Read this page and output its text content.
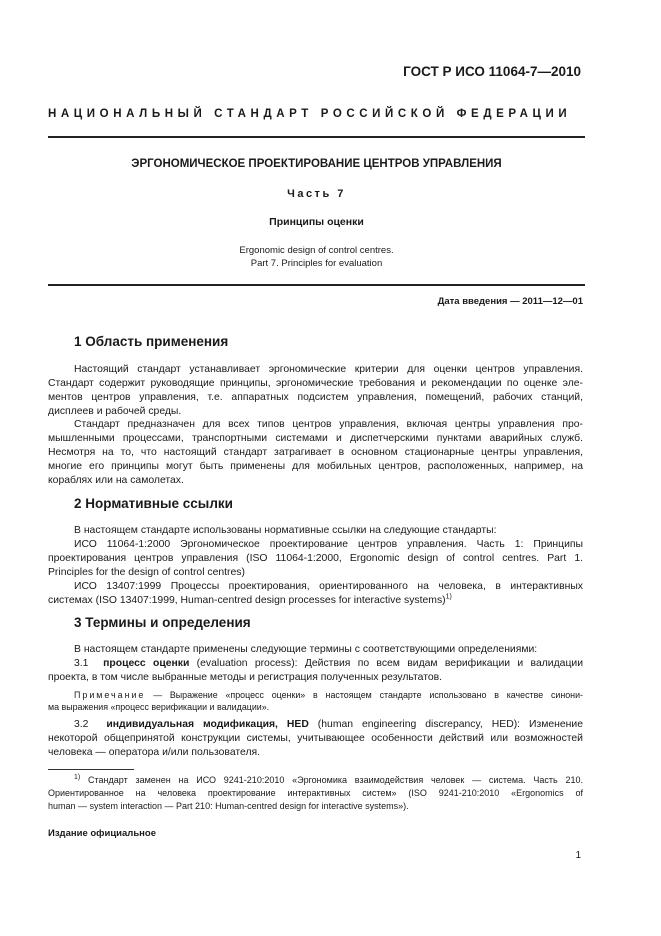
ГОСТ Р ИСО 11064-7—2010
НАЦИОНАЛЬНЫЙ СТАНДАРТ РОССИЙСКОЙ ФЕДЕРАЦИИ
ЭРГОНОМИЧЕСКОЕ ПРОЕКТИРОВАНИЕ ЦЕНТРОВ УПРАВЛЕНИЯ
Часть 7
Принципы оценки
Ergonomic design of control centres.
Part 7. Principles for evaluation
Дата введения — 2011—12—01
1 Область применения
Настоящий стандарт устанавливает эргономические критерии для оценки центров управления.
Стандарт содержит руководящие принципы, эргономические требования и рекомендации по оценке эле-
ментов центров управления, т.е. аппаратных подсистем управления, помещений, рабочих станций,
дисплеев и рабочей среды.
Стандарт предназначен для всех типов центров управления, включая центры управления про-
мышленными процессами, транспортными системами и диспетчерскими пунктами аварийных служб.
Несмотря на то, что настоящий стандарт затрагивает в основном стационарные центры управления,
многие его принципы могут быть применены для мобильных центров, расположенных, например, на
кораблях или на самолетах.
2 Нормативные ссылки
В настоящем стандарте использованы нормативные ссылки на следующие стандарты:
ИСО 11064-1:2000 Эргономическое проектирование центров управления. Часть 1: Принципы
проектирования центров управления (ISO 11064-1:2000, Ergonomic design of control centres. Part 1.
Principles for the design of control centres)
ИСО 13407:1999 Процессы проектирования, ориентированного на человека, в интерактивных
системах (ISO 13407:1999, Human-centred design processes for interactive systems)$^{1)}$
3 Термины и определения
В настоящем стандарте применены следующие термины с соответствующими определениями:
3.1 процесс оценки (evaluation process): Действия по всем видам верификации и валидации
проекта, в том числе выбранные методы и регистрация полученных результатов.
Примечание — Выражение «процесс оценки» в настоящем стандарте использовано в качестве синони-
ма выражения «процесс верификации и валидации».
3.2 индивидуальная модификация, HED (human engineering discrepancy, HED): Изменение
некоторой общепринятой конструкции системы, учитывающее особенности действий или возможностей
человека — оператора и/или пользователя.
$^{1)}$ Стандарт заменен на ИСО 9241-210:2010 «Эргономика взаимодействия человек — система. Часть 210.
Ориентированное на человека проектирование интерактивных систем» (ISO 9241-210:2010 «Ergonomics of
human — system interaction — Part 210: Human-centred design for interactive systems»).
Издание официальное
1
